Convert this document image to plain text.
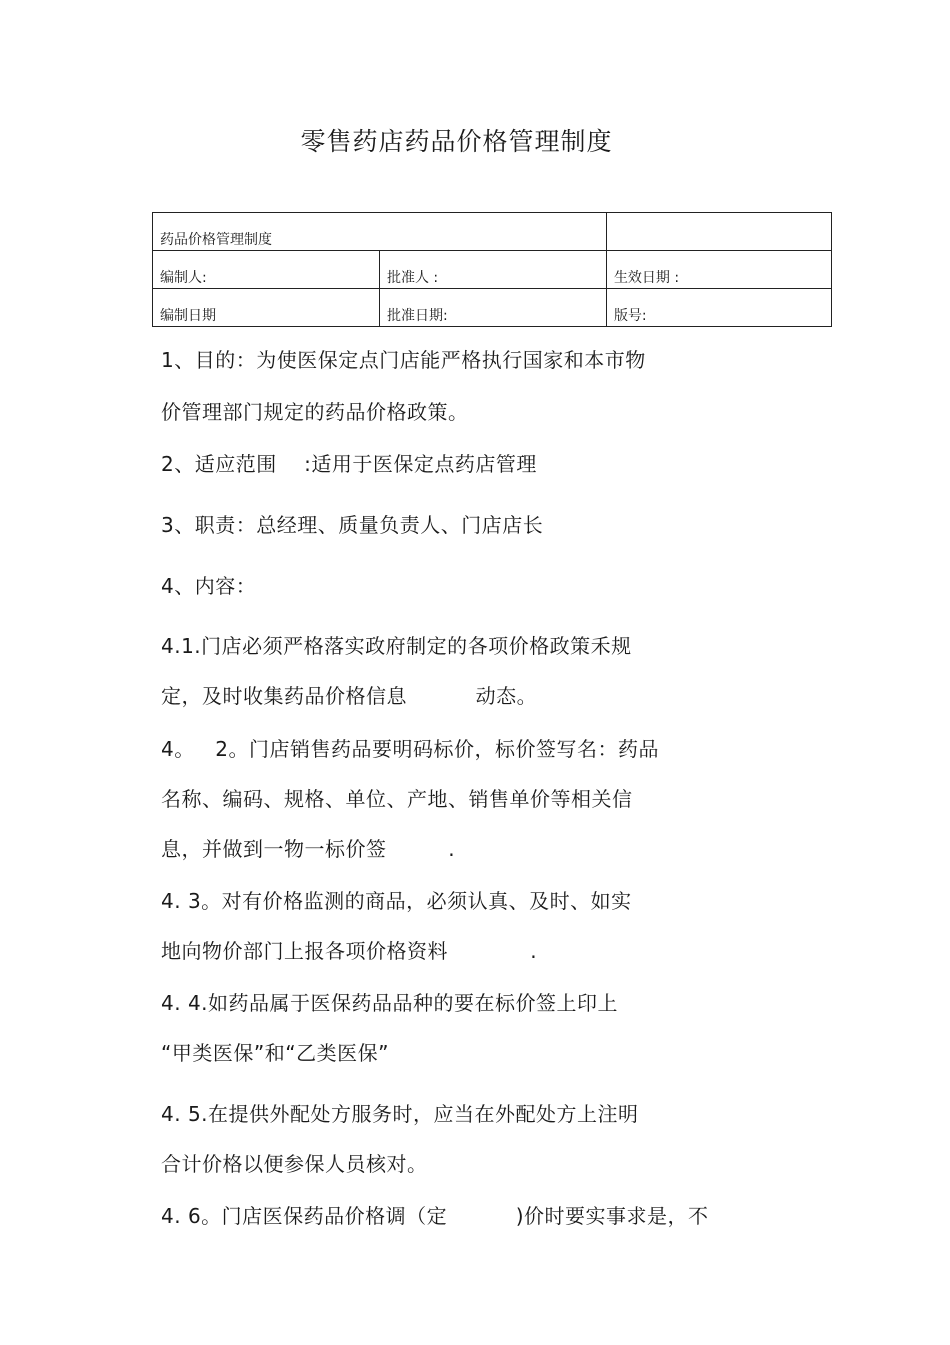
零售药店药品价格管理制度
药品价格管理制度		
编制人:	批准人 :	生效日期 :
编制日期	批准日期:	版号:
1、目的：为使医保定点门店能严格执行国家和本市物
价管理部门规定的药品价格政策。
2、适应范围    :适用于医保定点药店管理
3、职责：总经理、质量负责人、门店店长
4、内容：
4.1.门店必须严格落实政府制定的各项价格政策禾规
定，及时收集药品价格信息          动态。
4。   2。门店销售药品要明码标价，标价签写名：药品
名称、编码、规格、单位、产地、销售单价等相关信
息，并做到一物一标价签         .
4. 3。对有价格监测的商品，必须认真、及时、如实
地向物价部门上报各项价格资料            .
4. 4.如药品属于医保药品品种的要在标价签上印上
“甲类医保”和“乙类医保”
4. 5.在提供外配处方服务时，应当在外配处方上注明
合计价格以便参保人员核对。
4. 6。门店医保药品价格调（定          )价时要实事求是，不
